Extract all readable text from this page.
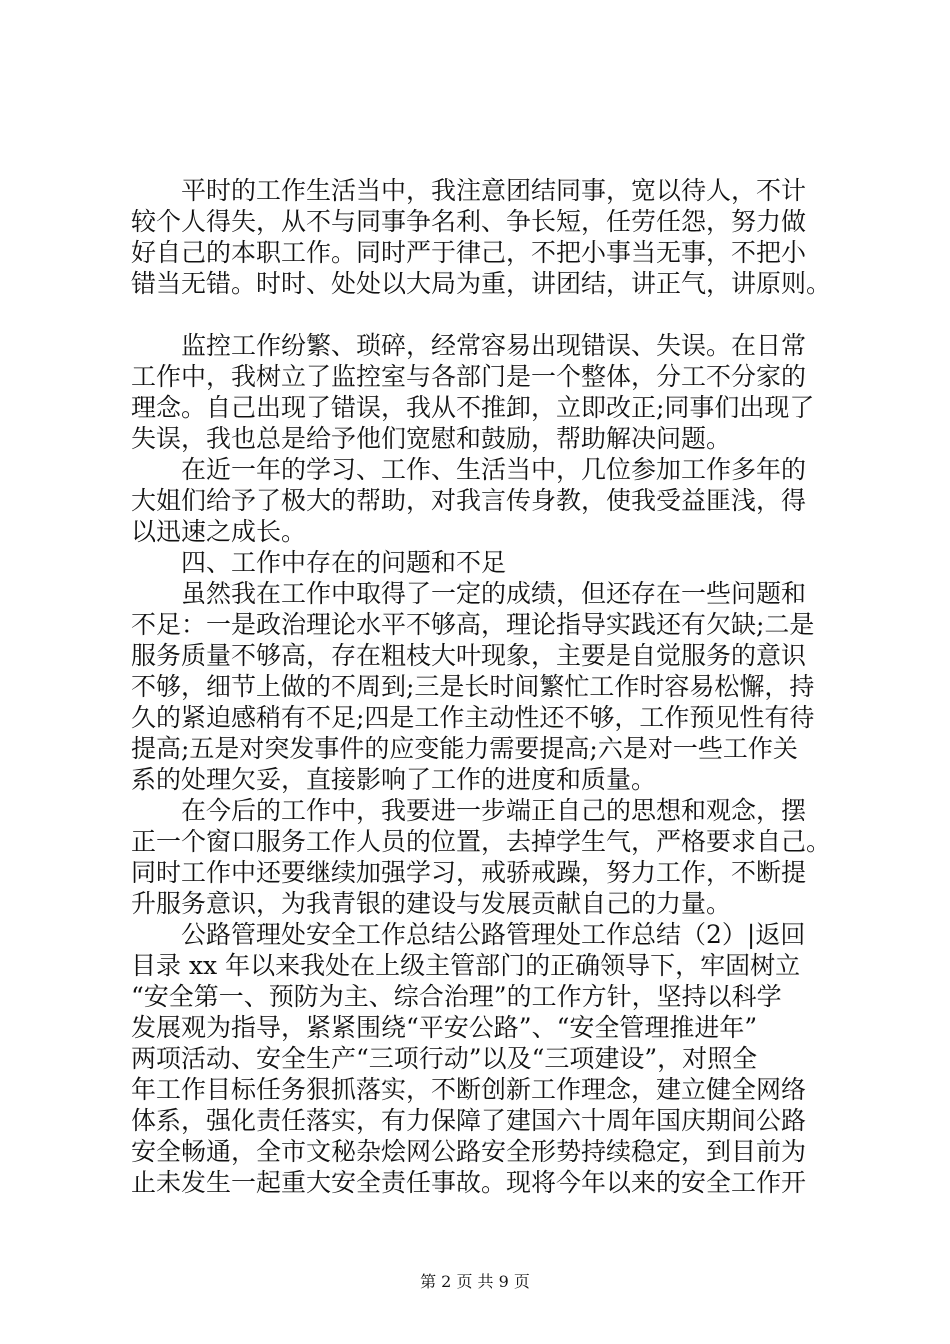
　　平时的工作生活当中，我注意团结同事，宽以待人，不计
较个人得失，从不与同事争名利、争长短，任劳任怨，努力做
好自己的本职工作。同时严于律己，不把小事当无事，不把小
错当无错。时时、处处以大局为重，讲团结，讲正气，讲原则。
　　监控工作纷繁、琐碎，经常容易出现错误、失误。在日常
工作中，我树立了监控室与各部门是一个整体，分工不分家的
理念。自己出现了错误，我从不推卸，立即改正;同事们出现了
失误，我也总是给予他们宽慰和鼓励，帮助解决问题。
　　在近一年的学习、工作、生活当中，几位参加工作多年的
大姐们给予了极大的帮助，对我言传身教，使我受益匪浅，得
以迅速之成长。
　　四、工作中存在的问题和不足
　　虽然我在工作中取得了一定的成绩，但还存在一些问题和
不足：一是政治理论水平不够高，理论指导实践还有欠缺;二是
服务质量不够高，存在粗枝大叶现象，主要是自觉服务的意识
不够，细节上做的不周到;三是长时间繁忙工作时容易松懈，持
久的紧迫感稍有不足;四是工作主动性还不够，工作预见性有待
提高;五是对突发事件的应变能力需要提高;六是对一些工作关
系的处理欠妥，直接影响了工作的进度和质量。
　　在今后的工作中，我要进一步端正自己的思想和观念，摆
正一个窗口服务工作人员的位置，去掉学生气，严格要求自己。
同时工作中还要继续加强学习，戒骄戒躁，努力工作，不断提
升服务意识，为我青银的建设与发展贡献自己的力量。
　　公路管理处安全工作总结公路管理处工作总结（2）|返回
目录 xx 年以来我处在上级主管部门的正确领导下，牢固树立
“安全第一、预防为主、综合治理”的工作方针，坚持以科学
发展观为指导，紧紧围绕“平安公路”、“安全管理推进年”
两项活动、安全生产“三项行动”以及“三项建设”，对照全
年工作目标任务狠抓落实，不断创新工作理念，建立健全网络
体系，强化责任落实，有力保障了建国六十周年国庆期间公路
安全畅通，全市文秘杂烩网公路安全形势持续稳定，到目前为
止未发生一起重大安全责任事故。现将今年以来的安全工作开
第 2 页 共 9 页
